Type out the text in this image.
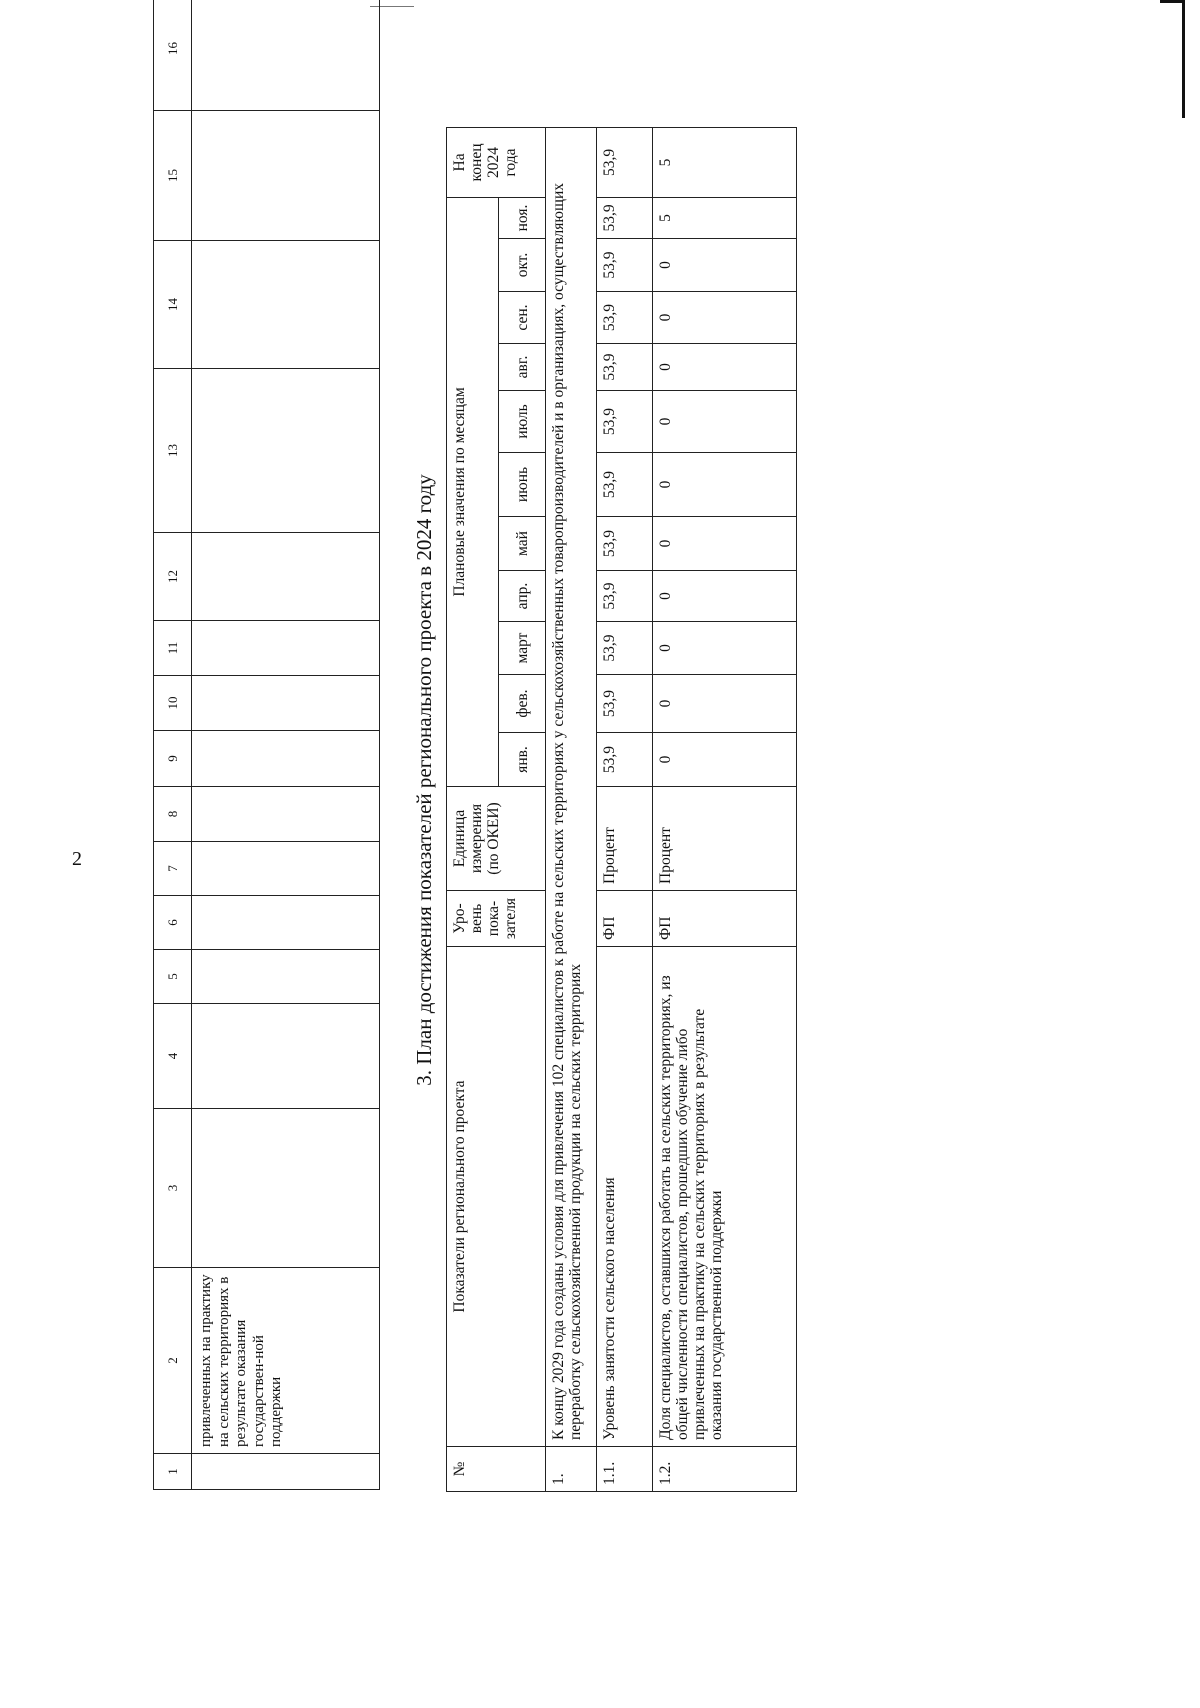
2
1	2	3	4	5	6	7	8	9	10	11	12	13	14	15	16
	привлеченных на практику на сельских территориях в результате оказания государствен-ной поддержки														
3. План достижения показателей регионального проекта в 2024 году
№	Показатели регионального проекта	Уро-вень пока-зателя	Единица измерения (по ОКЕИ)	Плановые значения по месяцам											На конец 2024 года
				янв.	фев.	март	апр.	май	июнь	июль	авг.	сен.	окт.	ноя.	
1.	К концу 2029 года созданы условия для привлечения 102 специалистов к работе на сельских территориях у сельскохозяйственных товаропроизводителей и в организациях, осуществляющих переработку сельскохозяйственной продукции на сельских территориях														
1.1.	Уровень занятости сельского населения	ФП	Процент	53,9	53,9	53,9	53,9	53,9	53,9	53,9	53,9	53,9	53,9	53,9	53,9
1.2.	Доля специалистов, оставшихся работать на сельских территориях, из общей численности специалистов, прошедших обучение либо привлеченных на практику на сельских территориях в результате оказания государственной поддержки	ФП	Процент	0	0	0	0	0	0	0	0	0	0	5	5
